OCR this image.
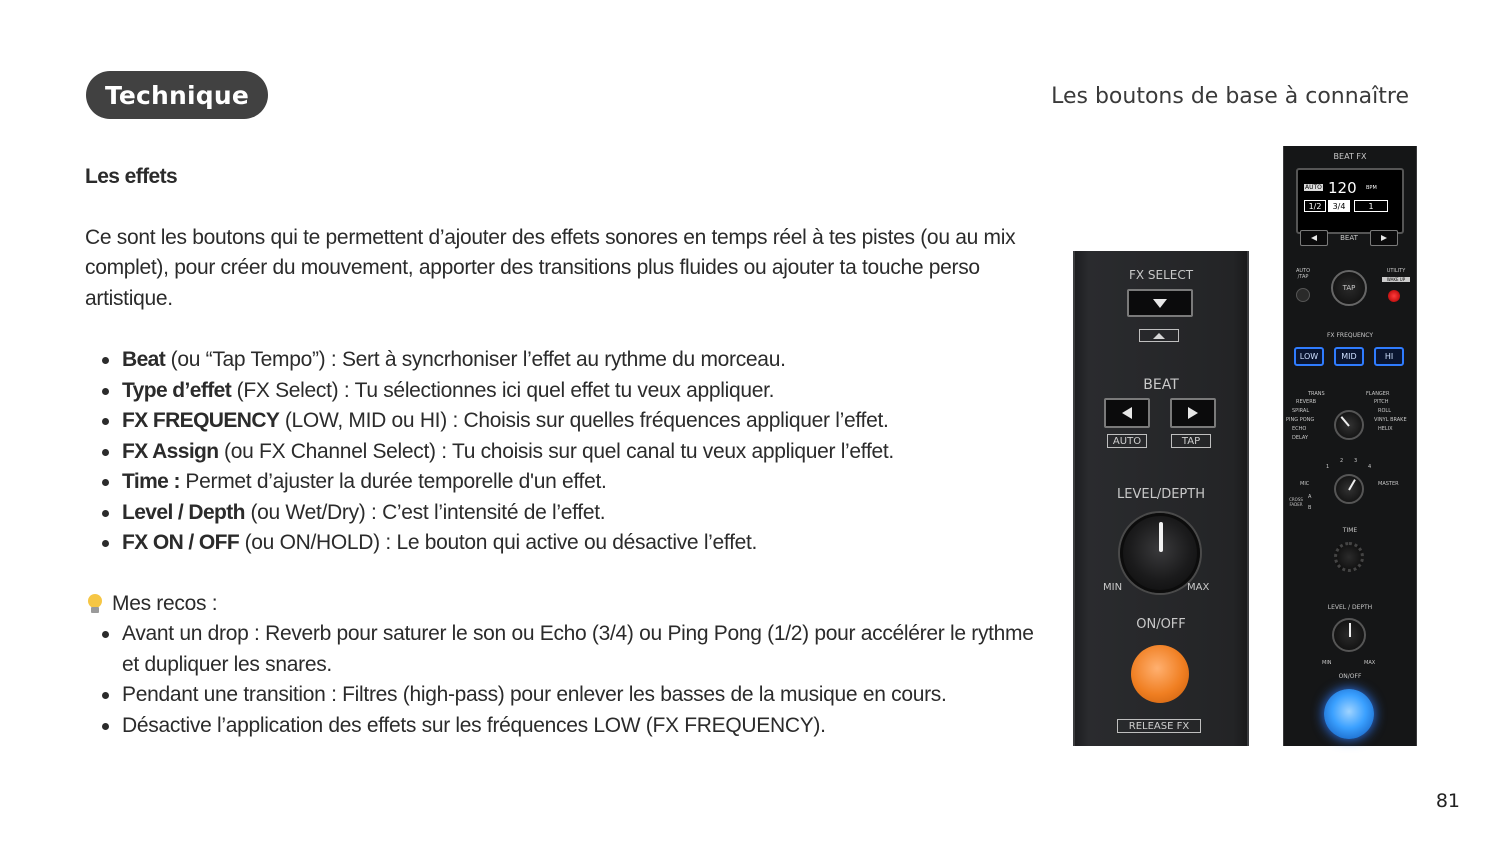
Technique	Les boutons de base à connaître
81
Les effets

Ce sont les boutons qui te permettent d’ajouter des effets sonores en temps réel à tes pistes (ou au mix complet), pour créer du mouvement, apporter des transitions plus fluides ou ajouter ta touche perso artistique.

Beat (ou “Tap Tempo”) : Sert à syncrhoniser l’effet au rythme du morceau.
Type d’effet (FX Select) : Tu sélectionnes ici quel effet tu veux appliquer.
FX FREQUENCY (LOW, MID ou HI) : Choisis sur quelles fréquences appliquer l’effet.
FX Assign (ou FX Channel Select) : Tu choisis sur quel canal tu veux appliquer l’effet.
Time : Permet d’ajuster la durée temporelle d'un effet.
Level / Depth (ou Wet/Dry) : C’est l’intensité de l’effet.
FX ON / OFF (ou ON/HOLD) : Le bouton qui active ou désactive l’effet.
Mes recos :
Avant un drop : Reverb pour saturer le son ou Echo (3/4) ou Ping Pong (1/2) pour accélérer le rythme et dupliquer les snares.
Pendant une transition : Filtres (high-pass) pour enlever les basses de la musique en cours.
Désactive l’application des effets sur les fréquences LOW (FX FREQUENCY).
FX SELECT
BEAT
AUTO	TAP
LEVEL/DEPTH
MIN	MAX
ON/OFF
RELEASE FX
BEAT FX
AUTO 120 BPM
1/2	3/4	1
BEAT
AUTO /TAP
TAP
UTILITY
WAKE UP
FX FREQUENCY
LOW	MID	HI
TRANS
REVERB
SPIRAL
PING PONG
ECHO
DELAY
FLANGER
PITCH
ROLL
VINYL BRAKE
HELIX
1
2 3
4
MIC	MASTER
CROSS FADER
A
B
TIME
LEVEL / DEPTH
MIN	MAX
ON/OFF
